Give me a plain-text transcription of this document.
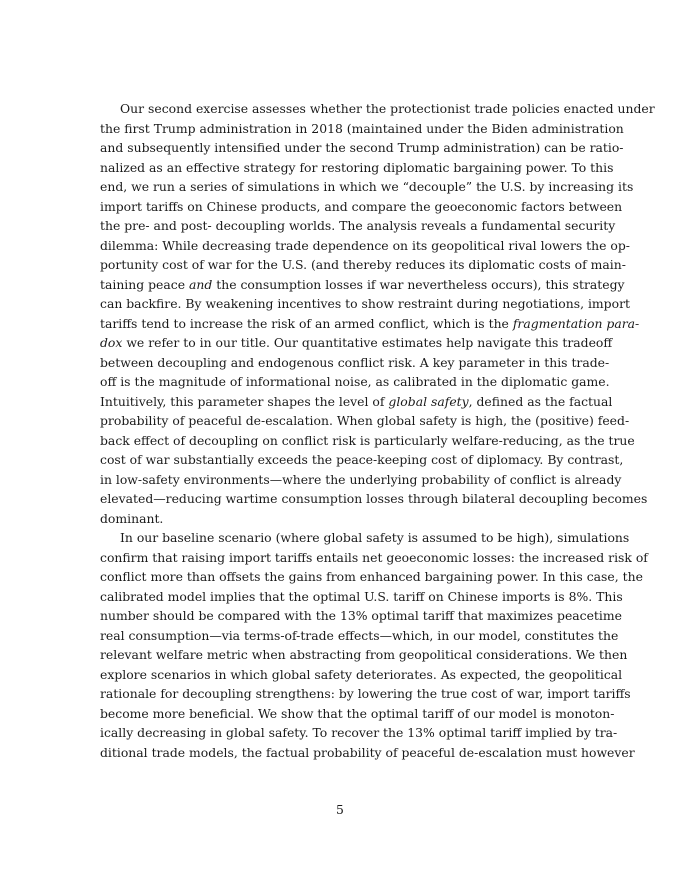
5
Our second exercise assesses whether the protectionist trade policies enacted under
the first Trump administration in 2018 (maintained under the Biden administration
and subsequently intensified under the second Trump administration) can be ratio-
nalized as an effective strategy for restoring diplomatic bargaining power. To this
end, we run a series of simulations in which we “decouple” the U.S. by increasing its
import tariffs on Chinese products, and compare the geoeconomic factors between
the pre- and post- decoupling worlds. The analysis reveals a fundamental security
dilemma: While decreasing trade dependence on its geopolitical rival lowers the op-
portunity cost of war for the U.S. (and thereby reduces its diplomatic costs of main-
taining peace and the consumption losses if war nevertheless occurs), this strategy
can backfire. By weakening incentives to show restraint during negotiations, import
tariffs tend to increase the risk of an armed conflict, which is the fragmentation para-
dox we refer to in our title. Our quantitative estimates help navigate this tradeoff
between decoupling and endogenous conflict risk. A key parameter in this trade-
off is the magnitude of informational noise, as calibrated in the diplomatic game.
Intuitively, this parameter shapes the level of global safety, defined as the factual
probability of peaceful de-escalation. When global safety is high, the (positive) feed-
back effect of decoupling on conflict risk is particularly welfare-reducing, as the true
cost of war substantially exceeds the peace-keeping cost of diplomacy. By contrast,
in low-safety environments—where the underlying probability of conflict is already
elevated—reducing wartime consumption losses through bilateral decoupling becomes
dominant.
In our baseline scenario (where global safety is assumed to be high), simulations
confirm that raising import tariffs entails net geoeconomic losses: the increased risk of
conflict more than offsets the gains from enhanced bargaining power. In this case, the
calibrated model implies that the optimal U.S. tariff on Chinese imports is 8%. This
number should be compared with the 13% optimal tariff that maximizes peacetime
real consumption—via terms-of-trade effects—which, in our model, constitutes the
relevant welfare metric when abstracting from geopolitical considerations. We then
explore scenarios in which global safety deteriorates. As expected, the geopolitical
rationale for decoupling strengthens: by lowering the true cost of war, import tariffs
become more beneficial. We show that the optimal tariff of our model is monoton-
ically decreasing in global safety. To recover the 13% optimal tariff implied by tra-
ditional trade models, the factual probability of peaceful de-escalation must however
